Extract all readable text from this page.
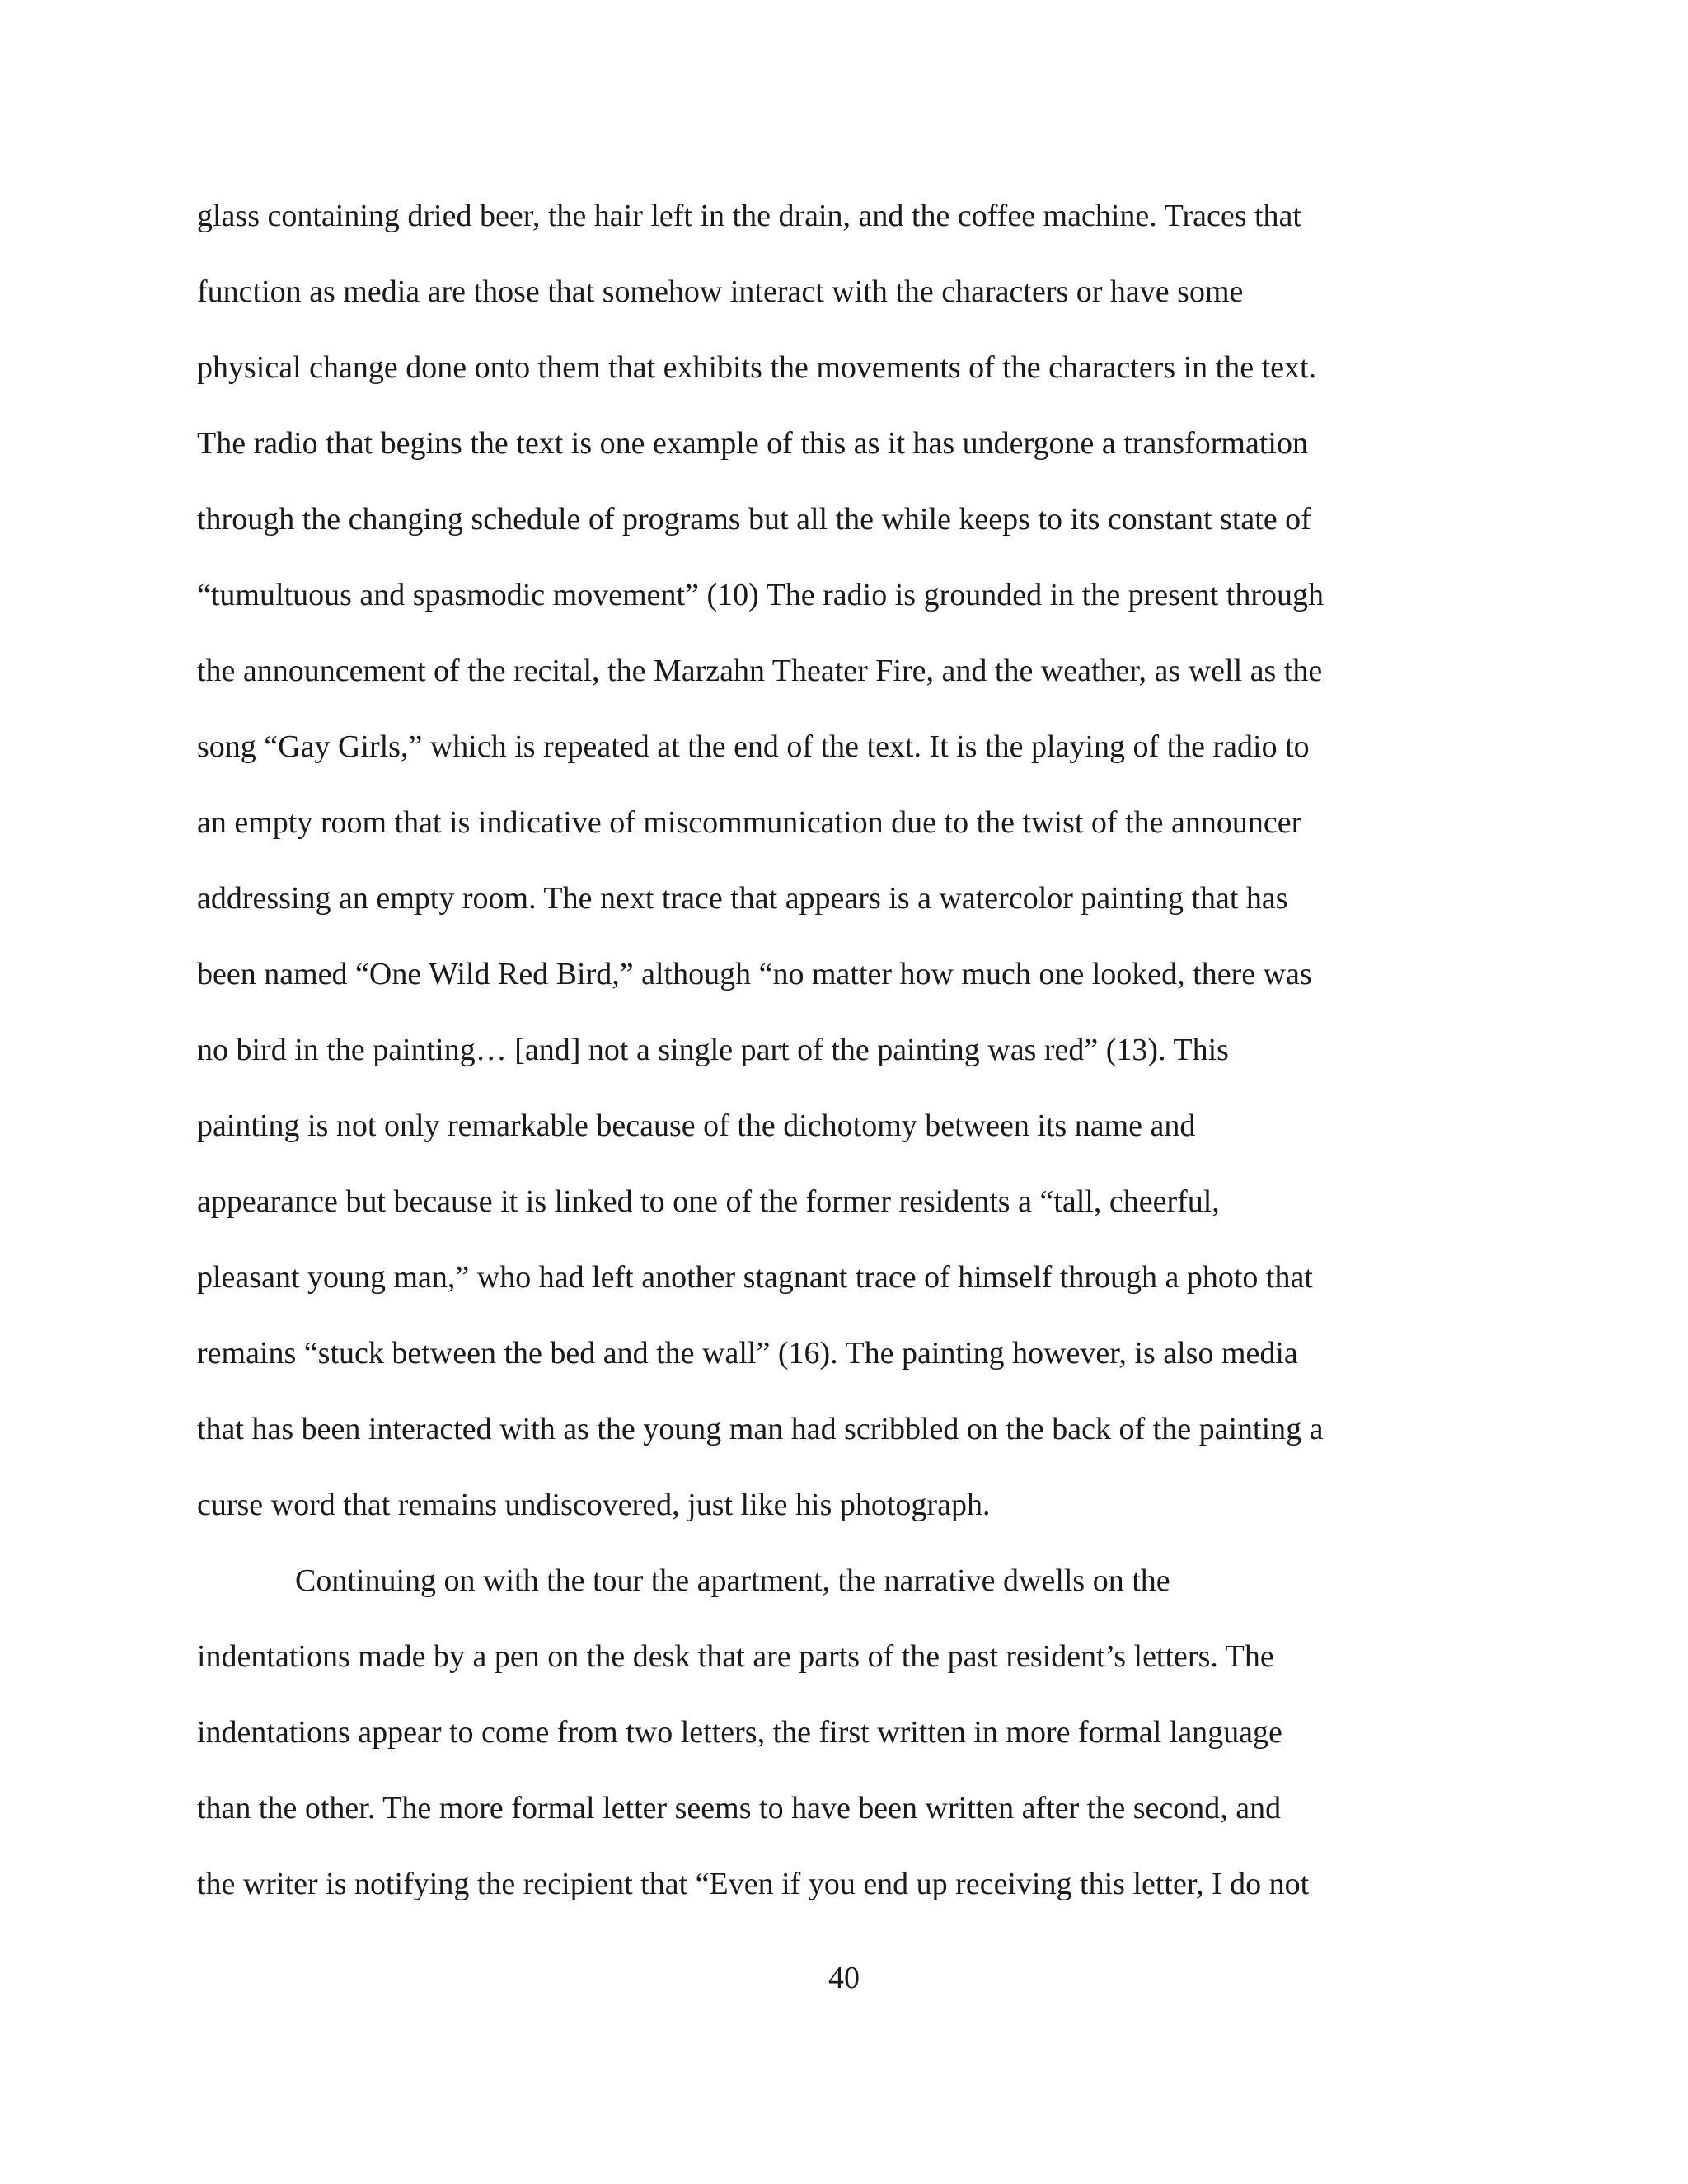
glass containing dried beer, the hair left in the drain, and the coffee machine. Traces that
function as media are those that somehow interact with the characters or have some
physical change done onto them that exhibits the movements of the characters in the text.
The radio that begins the text is one example of this as it has undergone a transformation
through the changing schedule of programs but all the while keeps to its constant state of
“tumultuous and spasmodic movement” (10) The radio is grounded in the present through
the announcement of the recital, the Marzahn Theater Fire, and the weather, as well as the
song “Gay Girls,” which is repeated at the end of the text. It is the playing of the radio to
an empty room that is indicative of miscommunication due to the twist of the announcer
addressing an empty room. The next trace that appears is a watercolor painting that has
been named “One Wild Red Bird,” although “no matter how much one looked, there was
no bird in the painting… [and] not a single part of the painting was red” (13). This
painting is not only remarkable because of the dichotomy between its name and
appearance but because it is linked to one of the former residents a “tall, cheerful,
pleasant young man,” who had left another stagnant trace of himself through a photo that
remains “stuck between the bed and the wall” (16). The painting however, is also media
that has been interacted with as the young man had scribbled on the back of the painting a
curse word that remains undiscovered, just like his photograph.
Continuing on with the tour the apartment, the narrative dwells on the
indentations made by a pen on the desk that are parts of the past resident’s letters. The
indentations appear to come from two letters, the first written in more formal language
than the other. The more formal letter seems to have been written after the second, and
the writer is notifying the recipient that “Even if you end up receiving this letter, I do not
40
